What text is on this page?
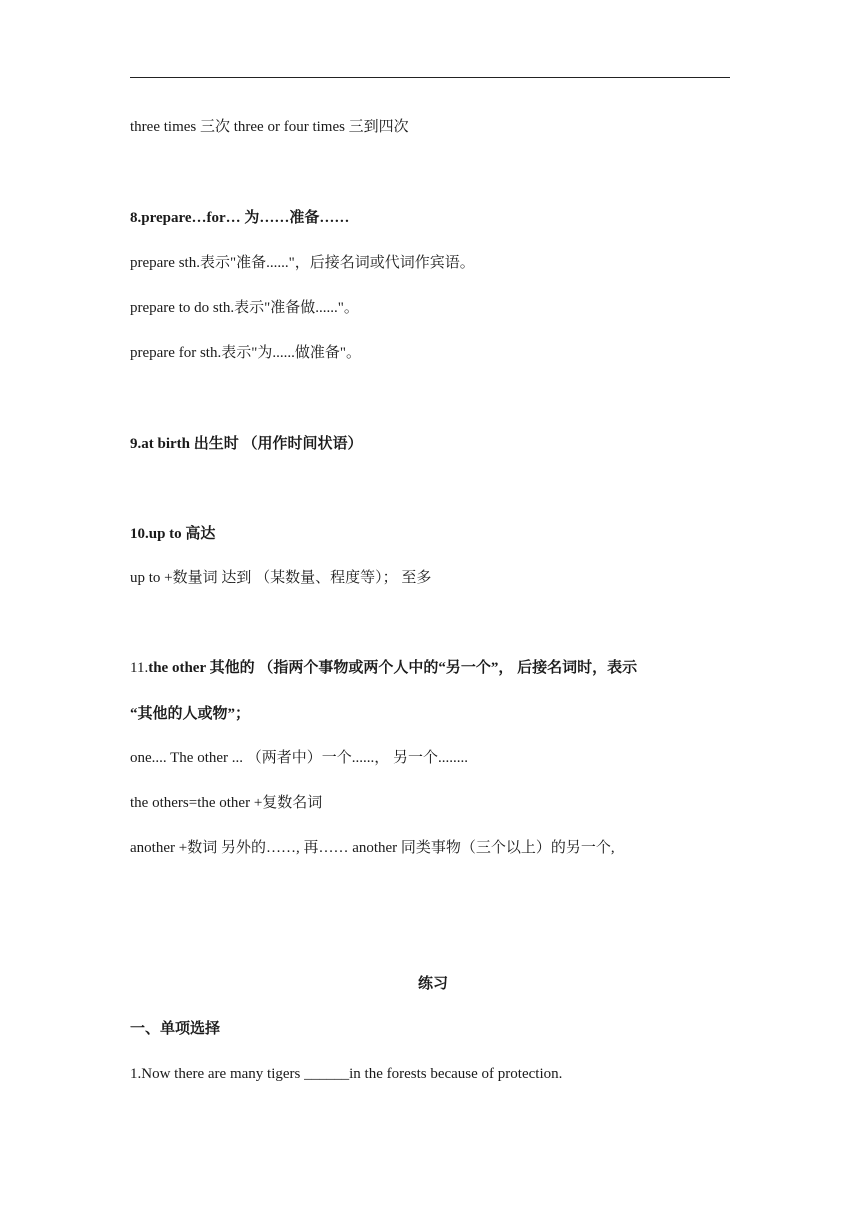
three times 三次 three or four times 三到四次
8.prepare…for… 为……准备……
prepare sth.表示"准备......"，后接名词或代词作宾语。
prepare to do sth.表示"准备做......"。
prepare for sth.表示"为......做准备"。
9.at birth 出生时 （用作时间状语）
10.up to 高达
up to +数量词 达到 （某数量、程度等）； 至多
11.the other 其他的 （指两个事物或两个人中的“另一个”， 后接名词时，表示
“其他的人或物”；
one.... The other ... （两者中）一个......， 另一个........
the others=the other +复数名词
another +数词 另外的……, 再…… another 同类事物（三个以上）的另一个,
练习
一、单项选择
1.Now there are many tigers ______in the forests because of protection.
